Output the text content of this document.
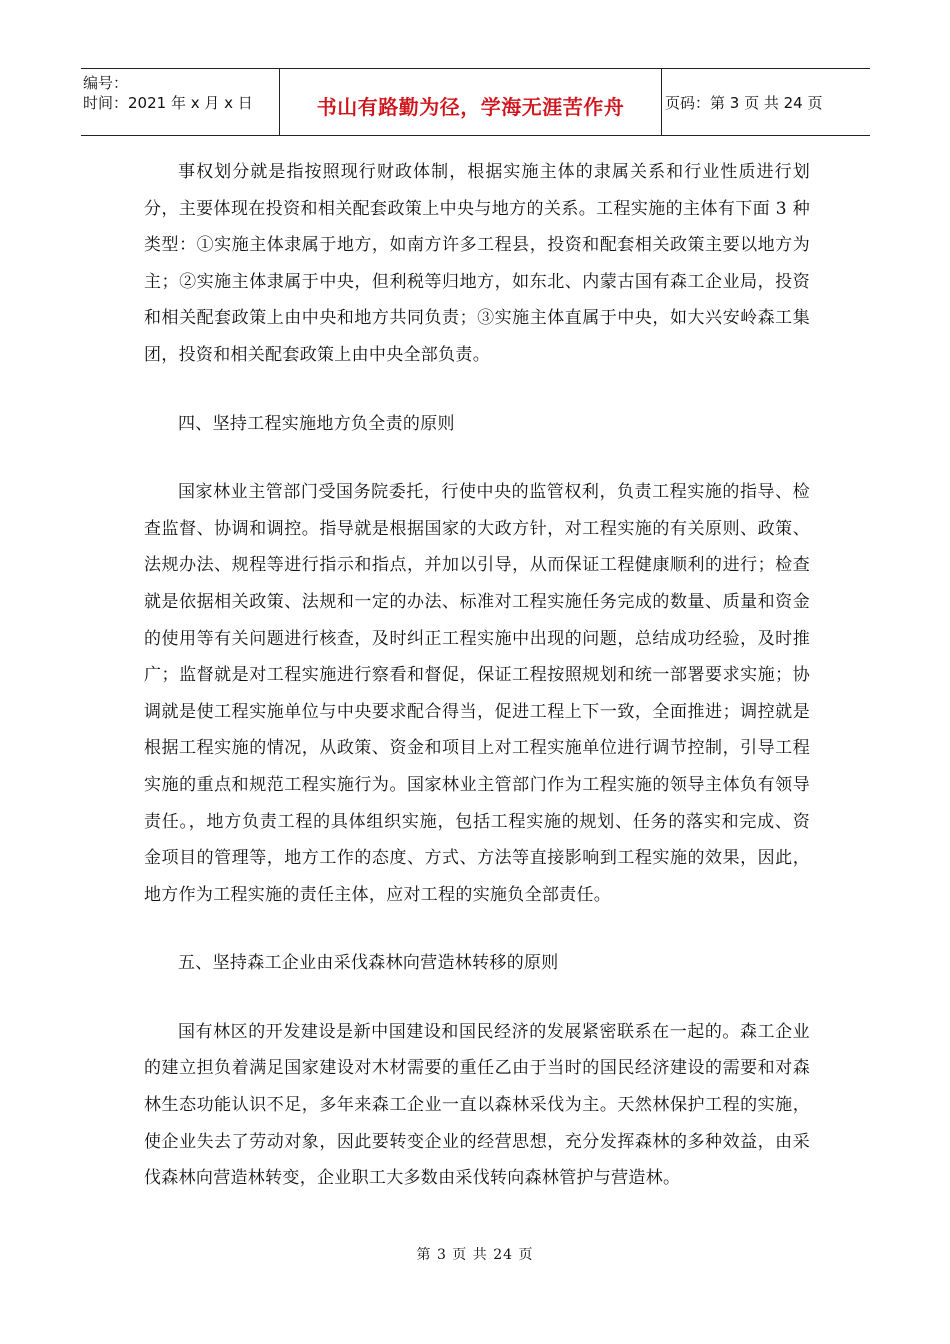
编号：
时间：2021 年 x 月 x 日	书山有路勤为径，学海无涯苦作舟	页码：第 3 页 共 24 页

事权划分就是指按照现行财政体制，根据实施主体的隶属关系和行业性质进行划分，主要体现在投资和相关配套政策上中央与地方的关系。工程实施的主体有下面 3 种类型：①实施主体隶属于地方，如南方许多工程县，投资和配套相关政策主要以地方为主；②实施主体隶属于中央，但利税等归地方，如东北、内蒙古国有森工企业局，投资和相关配套政策上由中央和地方共同负责；③实施主体直属于中央，如大兴安岭森工集团，投资和相关配套政策上由中央全部负责。

四、坚持工程实施地方负全责的原则

国家林业主管部门受国务院委托，行使中央的监管权利，负责工程实施的指导、检查监督、协调和调控。指导就是根据国家的大政方针，对工程实施的有关原则、政策、法规办法、规程等进行指示和指点，并加以引导，从而保证工程健康顺利的进行；检查就是依据相关政策、法规和一定的办法、标准对工程实施任务完成的数量、质量和资金的使用等有关问题进行核查，及时纠正工程实施中出现的问题，总结成功经验，及时推广；监督就是对工程实施进行察看和督促，保证工程按照规划和统一部署要求实施；协调就是使工程实施单位与中央要求配合得当，促进工程上下一致，全面推进；调控就是根据工程实施的情况，从政策、资金和项目上对工程实施单位进行调节控制，引导工程实施的重点和规范工程实施行为。国家林业主管部门作为工程实施的领导主体负有领导责任。，地方负责工程的具体组织实施，包括工程实施的规划、任务的落实和完成、资金项目的管理等，地方工作的态度、方式、方法等直接影响到工程实施的效果，因此，地方作为工程实施的责任主体，应对工程的实施负全部责任。

五、坚持森工企业由采伐森林向营造林转移的原则

国有林区的开发建设是新中国建设和国民经济的发展紧密联系在一起的。森工企业的建立担负着满足国家建设对木材需要的重任乙由于当时的国民经济建设的需要和对森林生态功能认识不足，多年来森工企业一直以森林采伐为主。天然林保护工程的实施，使企业失去了劳动对象，因此要转变企业的经营思想，充分发挥森林的多种效益，由采伐森林向营造林转变，企业职工大多数由采伐转向森林管护与营造林。

第 3 页 共 24 页
